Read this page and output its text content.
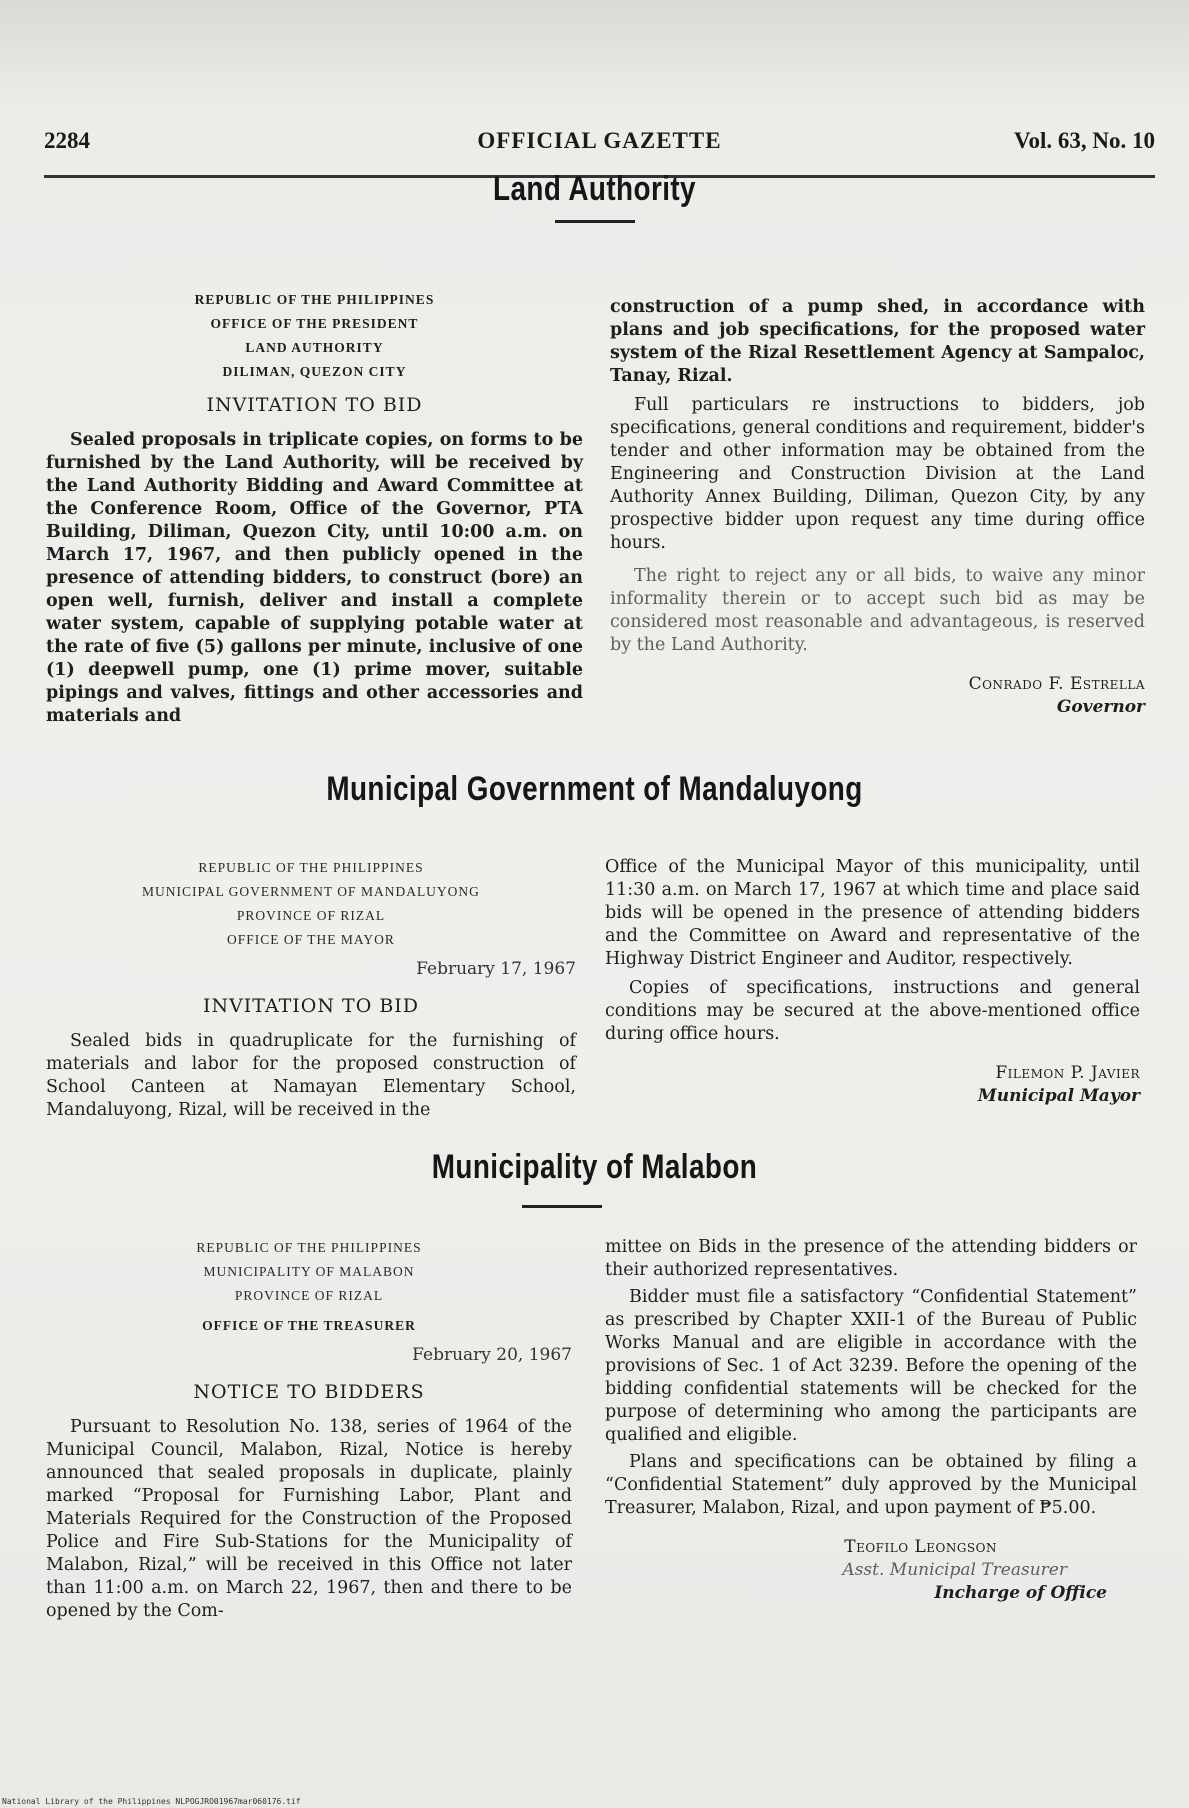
2284	OFFICIAL GAZETTE	Vol. 63, No. 10
Land Authority
REPUBLIC OF THE PHILIPPINES
OFFICE OF THE PRESIDENT
LAND AUTHORITY
DILIMAN, QUEZON CITY
INVITATION TO BID

Sealed proposals in triplicate copies, on forms to be furnished by the Land Authority, will be received by the Land Authority Bidding and Award Committee at the Conference Room, Office of the Governor, PTA Building, Diliman, Quezon City, until 10:00 a.m. on March 17, 1967, and then publicly opened in the presence of attending bidders, to construct (bore) an open well, furnish, deliver and install a complete water system, capable of supplying potable water at the rate of five (5) gallons per minute, inclusive of one (1) deepwell pump, one (1) prime mover, suitable pipings and valves, fittings and other accessories and materials and

construction of a pump shed, in accordance with plans and job specifications, for the proposed water system of the Rizal Resettlement Agency at Sampaloc, Tanay, Rizal.

Full particulars re instructions to bidders, job specifications, general conditions and requirement, bidder's tender and other information may be obtained from the Engineering and Construction Division at the Land Authority Annex Building, Diliman, Quezon City, by any prospective bidder upon request any time during office hours.

The right to reject any or all bids, to waive any minor informality therein or to accept such bid as may be considered most reasonable and advantageous, is reserved by the Land Authority.

Conrado F. Estrella
Governor
Municipal Government of Mandaluyong
REPUBLIC OF THE PHILIPPINES
MUNICIPAL GOVERNMENT OF MANDALUYONG
PROVINCE OF RIZAL
OFFICE OF THE MAYOR
February 17, 1967
INVITATION TO BID

Sealed bids in quadruplicate for the furnishing of materials and labor for the proposed construction of School Canteen at Namayan Elementary School, Mandaluyong, Rizal, will be received in the

Office of the Municipal Mayor of this municipality, until 11:30 a.m. on March 17, 1967 at which time and place said bids will be opened in the presence of attending bidders and the Committee on Award and representative of the Highway District Engineer and Auditor, respectively.

Copies of specifications, instructions and general conditions may be secured at the above-mentioned office during office hours.

Filemon P. Javier
Municipal Mayor
Municipality of Malabon
REPUBLIC OF THE PHILIPPINES
MUNICIPALITY OF MALABON
PROVINCE OF RIZAL
OFFICE OF THE TREASURER
February 20, 1967
NOTICE TO BIDDERS

Pursuant to Resolution No. 138, series of 1964 of the Municipal Council, Malabon, Rizal, Notice is hereby announced that sealed proposals in duplicate, plainly marked “Proposal for Furnishing Labor, Plant and Materials Required for the Construction of the Proposed Police and Fire Sub-Stations for the Municipality of Malabon, Rizal,” will be received in this Office not later than 11:00 a.m. on March 22, 1967, then and there to be opened by the Com-

mittee on Bids in the presence of the attending bidders or their authorized representatives.

Bidder must file a satisfactory “Confidential Statement” as prescribed by Chapter XXII-1 of the Bureau of Public Works Manual and are eligible in accordance with the provisions of Sec. 1 of Act 3239. Before the opening of the bidding confidential statements will be checked for the purpose of determining who among the participants are qualified and eligible.

Plans and specifications can be obtained by filing a “Confidential Statement” duly approved by the Municipal Treasurer, Malabon, Rizal, and upon payment of ₱5.00.

Teofilo Leongson
Asst. Municipal Treasurer
Incharge of Office
National Library of the Philippines NLPOGJRO01967mar060176.tif
